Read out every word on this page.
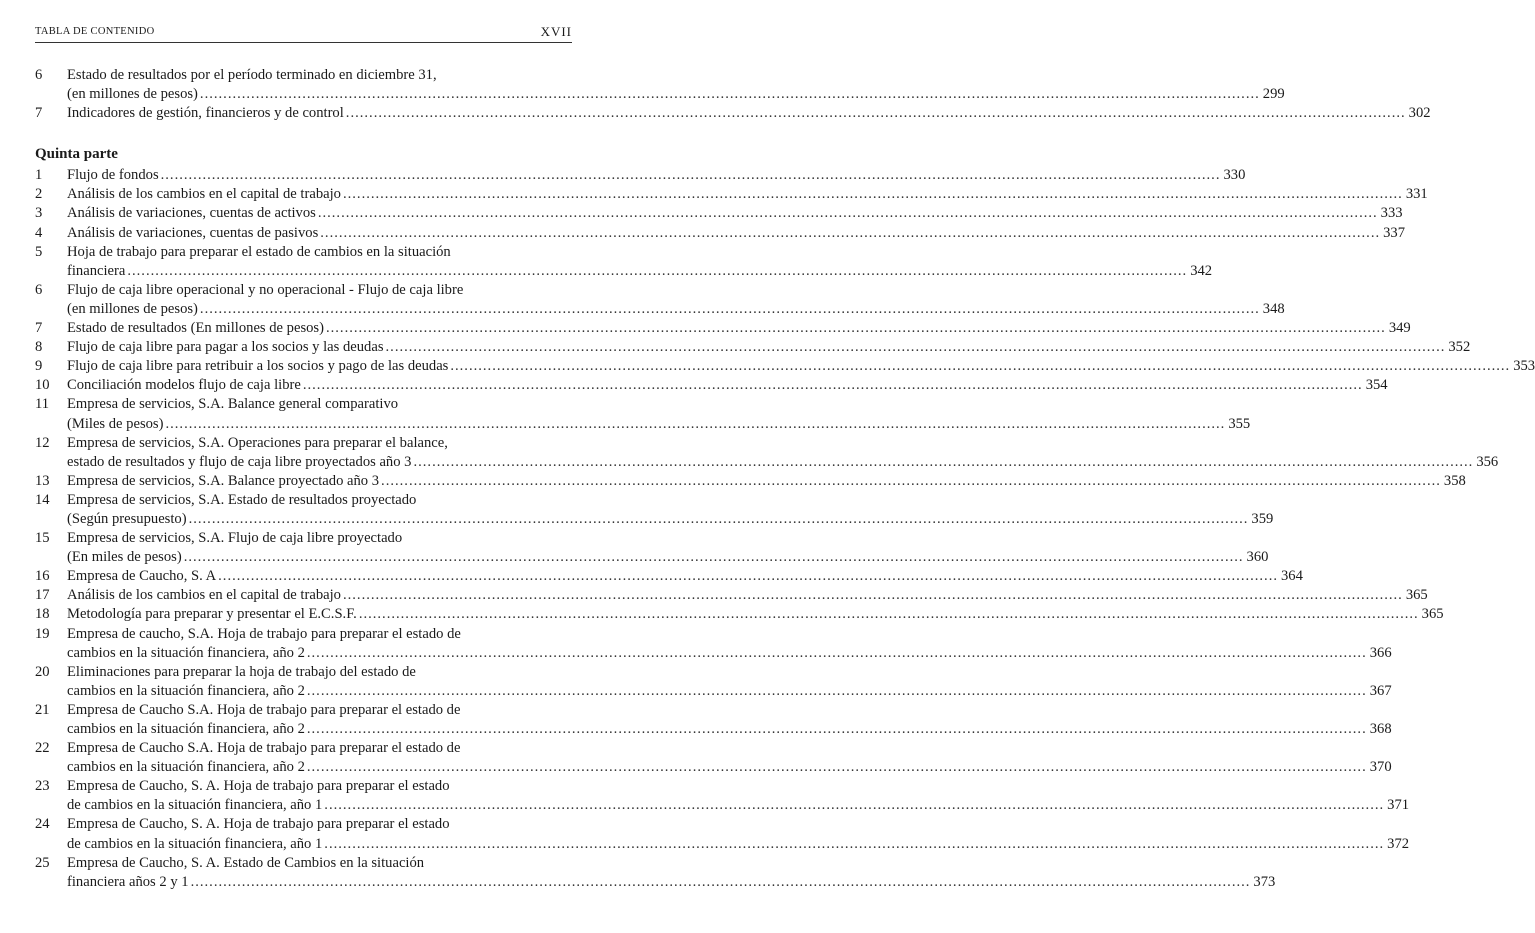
TABLA DE CONTENIDO	XVII
6	Estado de resultados por el período terminado en diciembre 31,
(en millones de pesos) .....	299
7	Indicadores de gestión, financieros y de control .....	302
Quinta parte
1	Flujo de fondos .....	330
2	Análisis de los cambios en el capital de trabajo .....	331
3	Análisis de variaciones, cuentas de activos .....	333
4	Análisis de variaciones, cuentas de pasivos .....	337
5	Hoja de trabajo para preparar el estado de cambios en la situación
financiera .....	342
6	Flujo de caja libre operacional y no operacional - Flujo de caja libre
(en millones de pesos) .....	348
7	Estado de resultados (En millones de pesos) .....	349
8	Flujo de caja libre para pagar a los socios y las deudas .....	352
9	Flujo de caja libre para retribuir a los socios y pago de las deudas .....	353
10	Conciliación modelos flujo de caja libre .....	354
11	Empresa de servicios, S.A. Balance general comparativo
(Miles de pesos) .....	355
12	Empresa de servicios, S.A. Operaciones para preparar el balance,
estado de resultados y flujo de caja libre proyectados año 3 .....	356
13	Empresa de servicios, S.A. Balance proyectado año 3 .....	358
14	Empresa de servicios, S.A. Estado de resultados proyectado
(Según presupuesto) .....	359
15	Empresa de servicios, S.A. Flujo de caja libre proyectado
(En miles de pesos) .....	360
16	Empresa de Caucho, S. A .....	364
17	Análisis de los cambios en el capital de trabajo .....	365
18	Metodología para preparar y presentar el E.C.S.F. .....	365
19	Empresa de caucho, S.A. Hoja de trabajo para preparar el estado de
cambios en la situación financiera, año 2 .....	366
20	Eliminaciones para preparar la hoja de trabajo del estado de
cambios en la situación financiera, año 2 .....	367
21	Empresa de Caucho S.A. Hoja de trabajo para preparar el estado de
cambios en la situación financiera, año 2 .....	368
22	Empresa de Caucho S.A. Hoja de trabajo para preparar el estado de
cambios en la situación financiera, año 2 .....	370
23	Empresa de Caucho, S. A. Hoja de trabajo para preparar el estado
de cambios en la situación financiera, año 1 .....	371
24	Empresa de Caucho, S. A. Hoja de trabajo para preparar el estado
de cambios en la situación financiera, año 1 .....	372
25	Empresa de Caucho, S. A. Estado de Cambios en la situación
financiera años 2 y 1 .....	373
